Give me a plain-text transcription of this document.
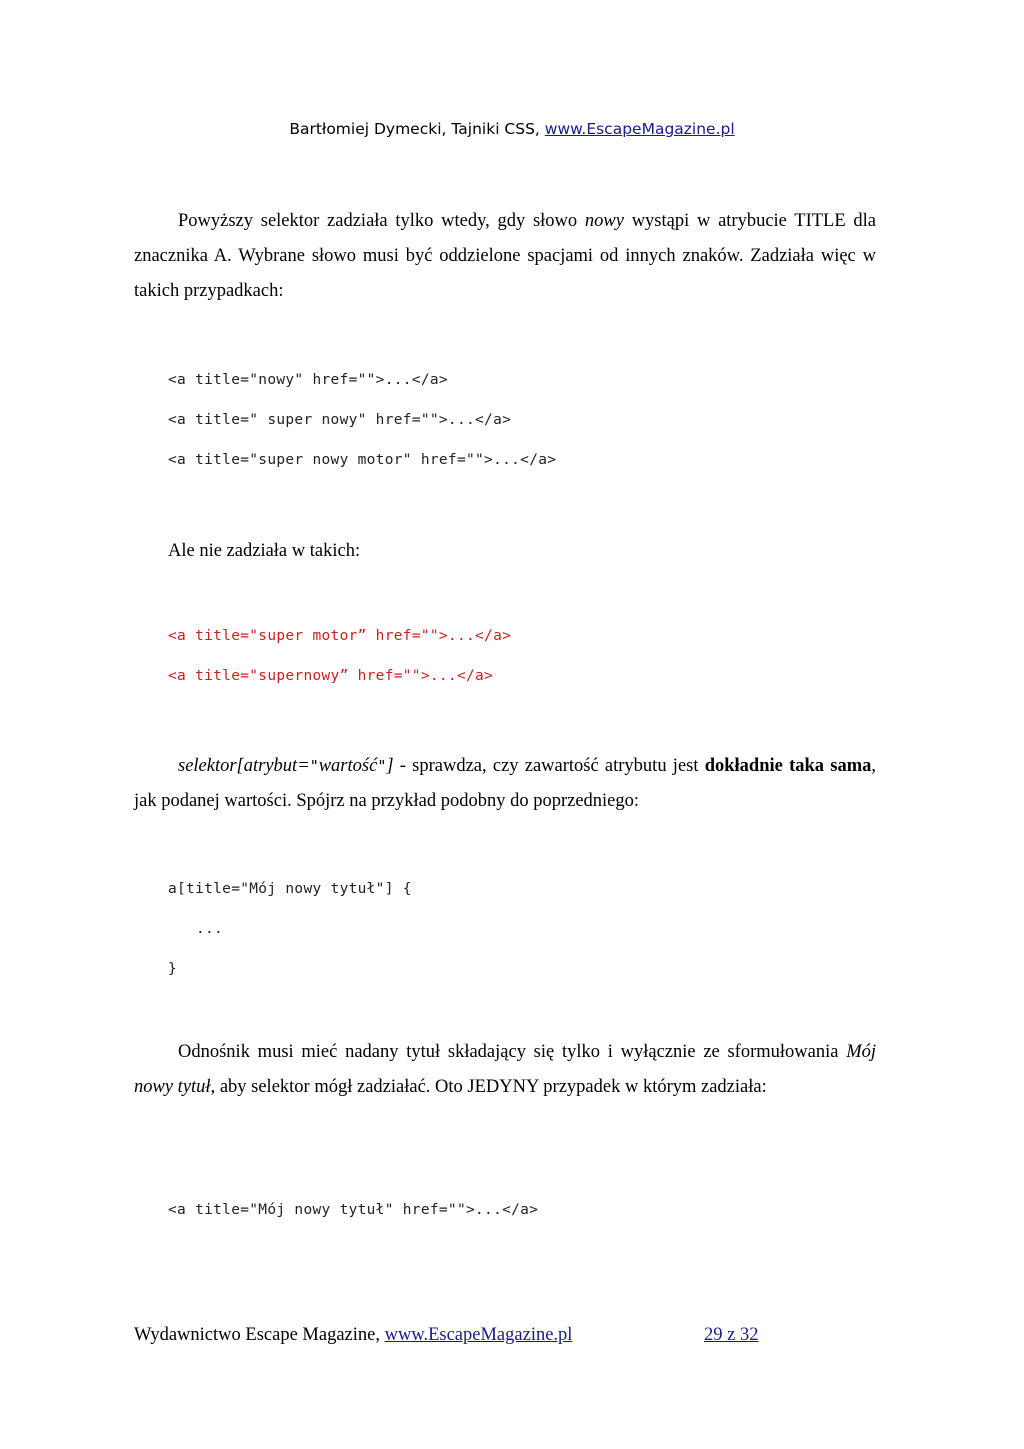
Bartłomiej Dymecki, Tajniki CSS, www.EscapeMagazine.pl
Powyższy selektor zadziała tylko wtedy, gdy słowo nowy wystąpi w atrybucie TITLE dla znacznika A. Wybrane słowo musi być oddzielone spacjami od innych znaków. Zadziała więc w takich przypadkach:
<a title="nowy" href="">...</a>
<a title=" super nowy" href="">...</a>
<a title="super nowy motor" href="">...</a>
Ale nie zadziała w takich:
<a title="super motor” href="">...</a>
<a title="supernowy” href="">...</a>
selektor[atrybut="wartość"] - sprawdza, czy zawartość atrybutu jest dokładnie taka sama, jak podanej wartości. Spójrz na przykład podobny do poprzedniego:
a[title="Mój nowy tytuł"] {
...
}
Odnośnik musi mieć nadany tytuł składający się tylko i wyłącznie ze sformułowania Mój nowy tytuł, aby selektor mógł zadziałać. Oto JEDYNY przypadek w którym zadziała:
<a title="Mój nowy tytuł" href="">...</a>
Wydawnictwo Escape Magazine, www.EscapeMagazine.pl	29 z 32
